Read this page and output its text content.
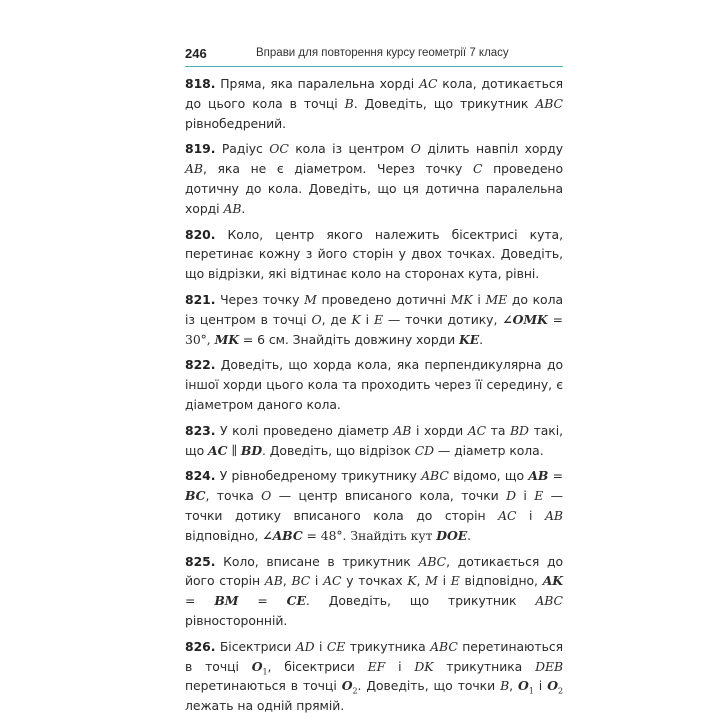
246	Вправи для повторення курсу геометрії 7 класу

818. Пряма, яка паралельна хорді AC кола, дотикається до цього кола в точці B. Доведіть, що трикутник ABC рівнобедрений.

819. Радіус OC кола із центром O ділить навпіл хорду AB, яка не є діаметром. Через точку C проведено дотичну до кола. Доведіть, що ця дотична паралельна хорді AB.

820. Коло, центр якого належить бісектрисі кута, перетинає кожну з його сторін у двох точках. Доведіть, що відрізки, які відтинає коло на сторонах кута, рівні.

821. Через точку M проведено дотичні MK і ME до кола із центром в точці O, де K і E — точки дотику, ∠OMK = 30°, MK = 6 см. Знайдіть довжину хорди KE.

822. Доведіть, що хорда кола, яка перпендикулярна до іншої хорди цього кола та проходить через її середину, є діаметром даного кола.

823. У колі проведено діаметр AB і хорди AC та BD такі, що AC ∥ BD. Доведіть, що відрізок CD — діаметр кола.

824. У рівнобедреному трикутнику ABC відомо, що AB = BC, точка O — центр вписаного кола, точки D і E — точки дотику вписаного кола до сторін AC і AB відповідно, ∠ABC = 48°. Знайдіть кут DOE.

825. Коло, вписане в трикутник ABC, дотикається до його сторін AB, BC і AC у точках K, M і E відповідно, AK = BM = CE. Доведіть, що трикутник ABC рівносторонній.

826. Бісектриси AD і CE трикутника ABC перетинаються в точці $O_1$, бісектриси EF і DK трикутника DEB перетинаються в точці $O_2$. Доведіть, що точки B, $O_1$ і $O_2$ лежать на одній прямій.
